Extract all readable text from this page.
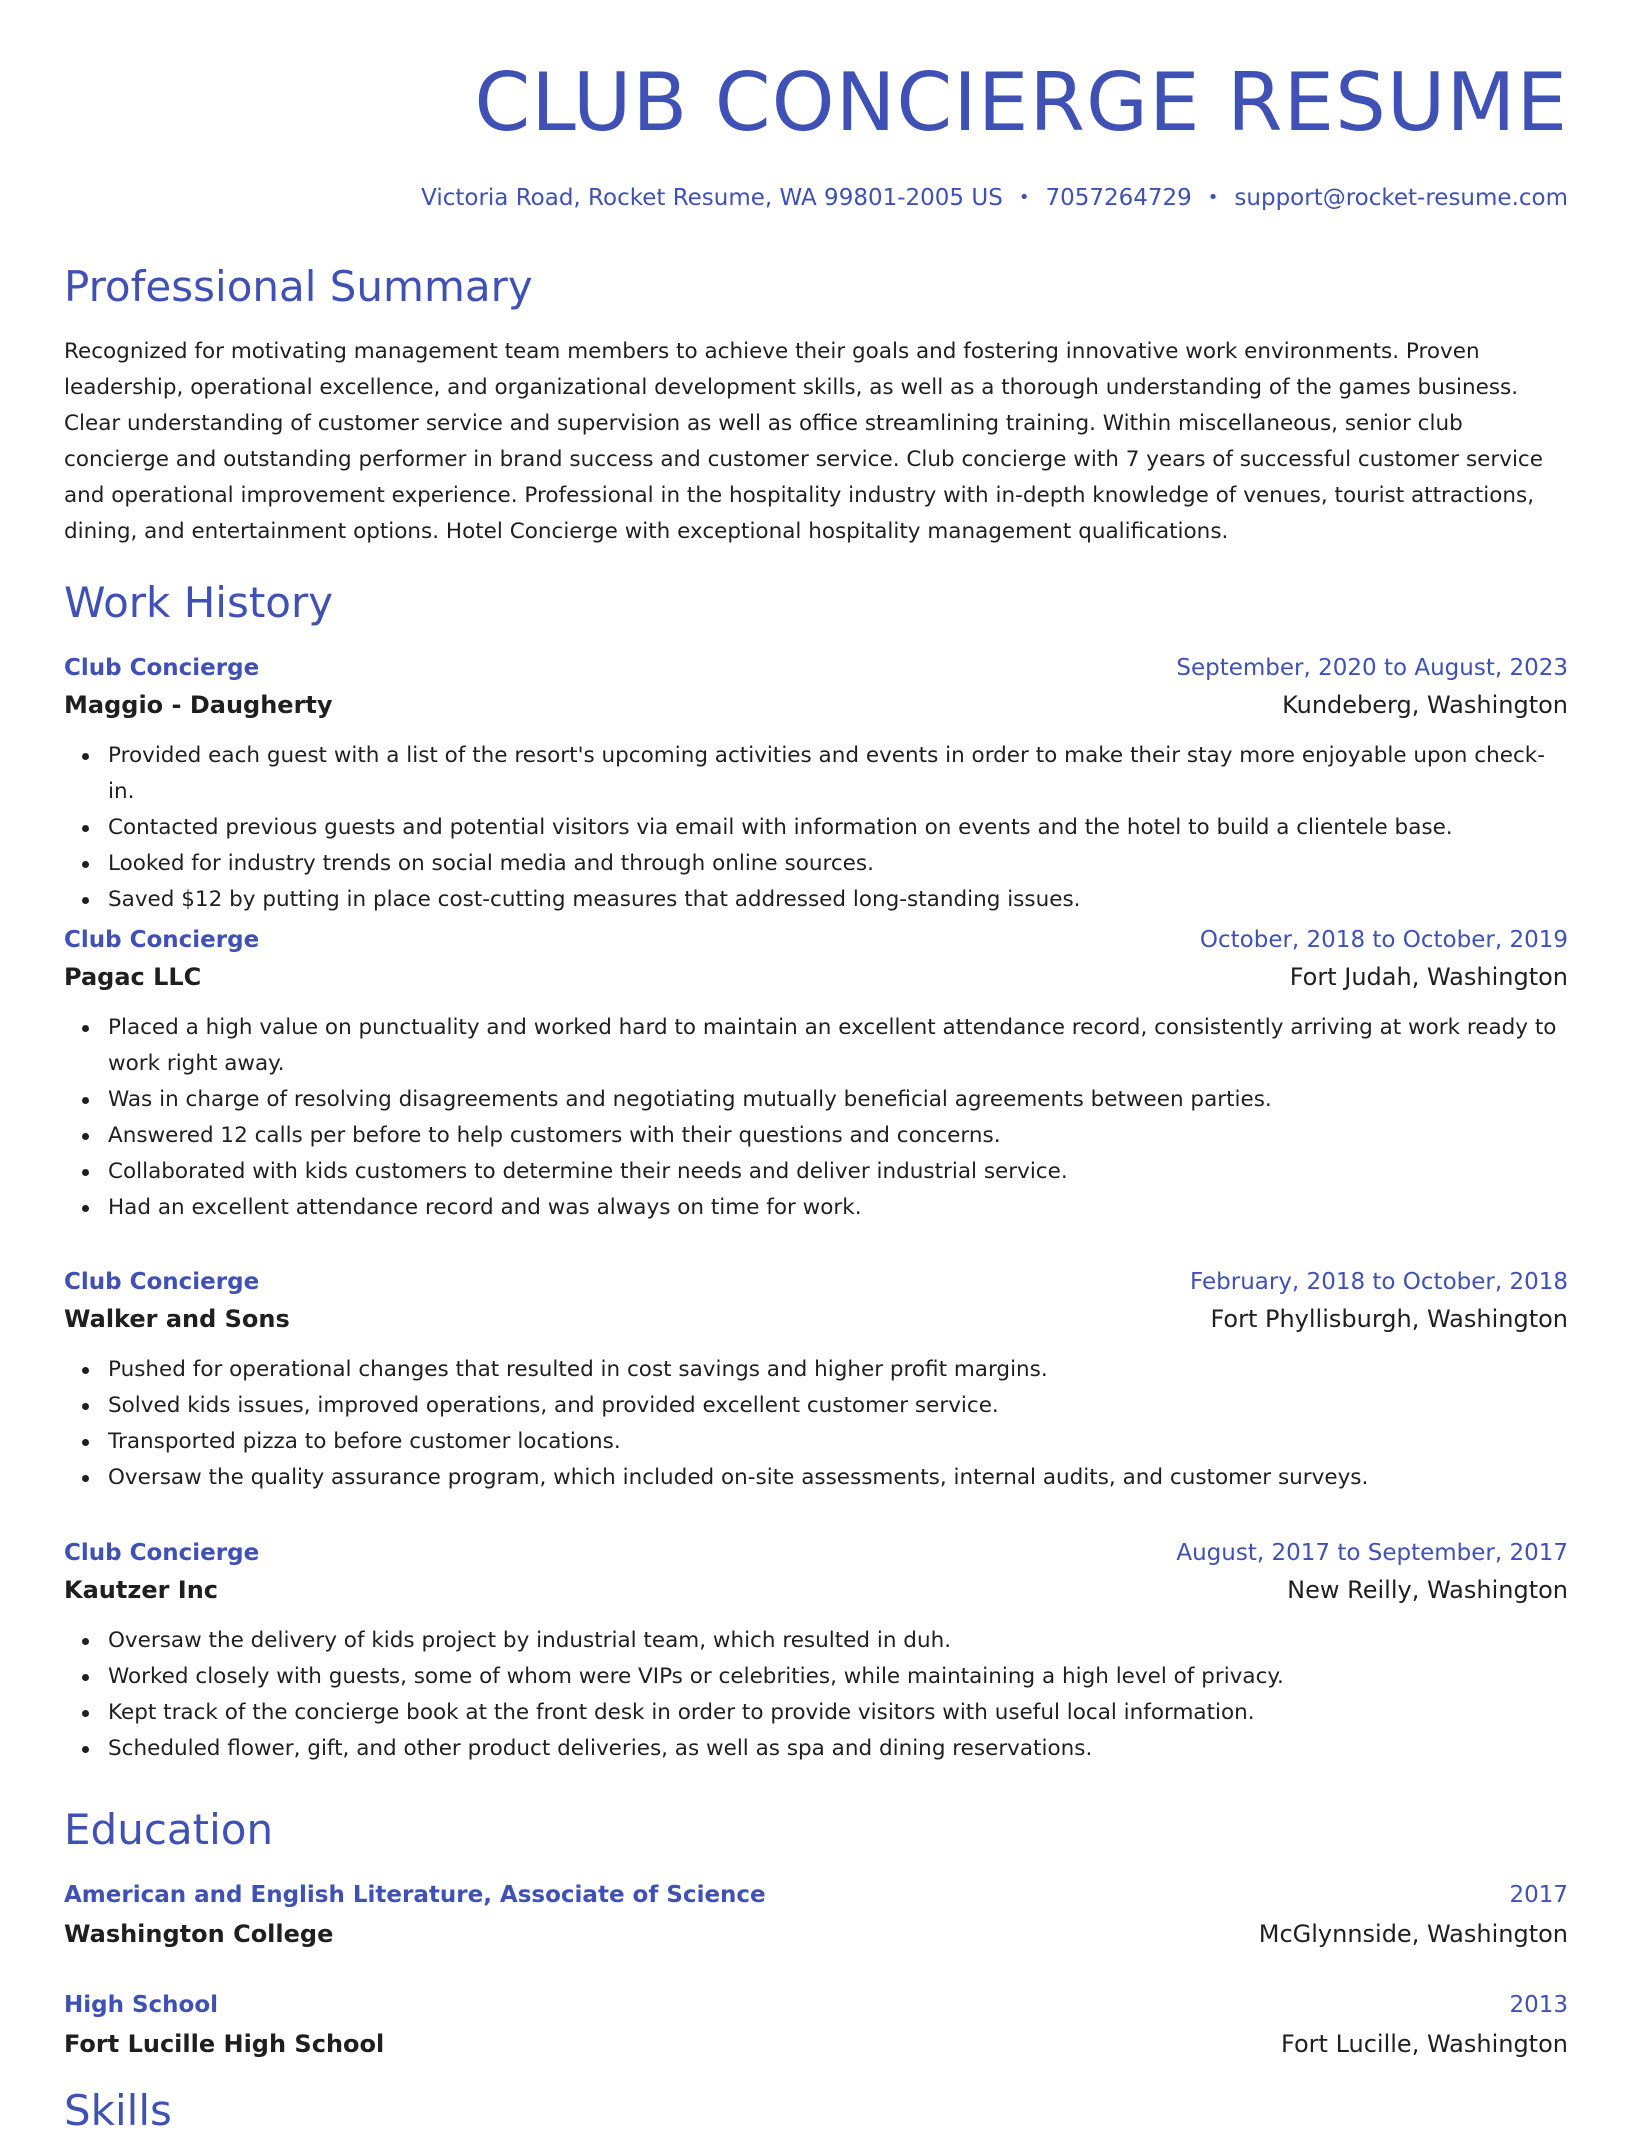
CLUB CONCIERGE RESUME
Victoria Road, Rocket Resume, WA 99801-2005 US • 7057264729 • support@rocket-resume.com
Professional Summary

Recognized for motivating management team members to achieve their goals and fostering innovative work environments. Proven leadership, operational excellence, and organizational development skills, as well as a thorough understanding of the games business. Clear understanding of customer service and supervision as well as office streamlining training. Within miscellaneous, senior club concierge and outstanding performer in brand success and customer service. Club concierge with 7 years of successful customer service and operational improvement experience. Professional in the hospitality industry with in-depth knowledge of venues, tourist attractions, dining, and entertainment options. Hotel Concierge with exceptional hospitality management qualifications.

Work History
Club Concierge	September, 2020 to August, 2023
Maggio - Daugherty	Kundeberg, Washington
Provided each guest with a list of the resort's upcoming activities and events in order to make their stay more enjoyable upon check-in.
Contacted previous guests and potential visitors via email with information on events and the hotel to build a clientele base.
Looked for industry trends on social media and through online sources.
Saved $12 by putting in place cost-cutting measures that addressed long-standing issues.
Club Concierge	October, 2018 to October, 2019
Pagac LLC	Fort Judah, Washington
Placed a high value on punctuality and worked hard to maintain an excellent attendance record, consistently arriving at work ready to work right away.
Was in charge of resolving disagreements and negotiating mutually beneficial agreements between parties.
Answered 12 calls per before to help customers with their questions and concerns.
Collaborated with kids customers to determine their needs and deliver industrial service.
Had an excellent attendance record and was always on time for work.
Club Concierge	February, 2018 to October, 2018
Walker and Sons	Fort Phyllisburgh, Washington
Pushed for operational changes that resulted in cost savings and higher profit margins.
Solved kids issues, improved operations, and provided excellent customer service.
Transported pizza to before customer locations.
Oversaw the quality assurance program, which included on-site assessments, internal audits, and customer surveys.
Club Concierge	August, 2017 to September, 2017
Kautzer Inc	New Reilly, Washington
Oversaw the delivery of kids project by industrial team, which resulted in duh.
Worked closely with guests, some of whom were VIPs or celebrities, while maintaining a high level of privacy.
Kept track of the concierge book at the front desk in order to provide visitors with useful local information.
Scheduled flower, gift, and other product deliveries, as well as spa and dining reservations.
Education
American and English Literature, Associate of Science	2017
Washington College	McGlynnside, Washington
High School	2013
Fort Lucille High School	Fort Lucille, Washington
Skills
